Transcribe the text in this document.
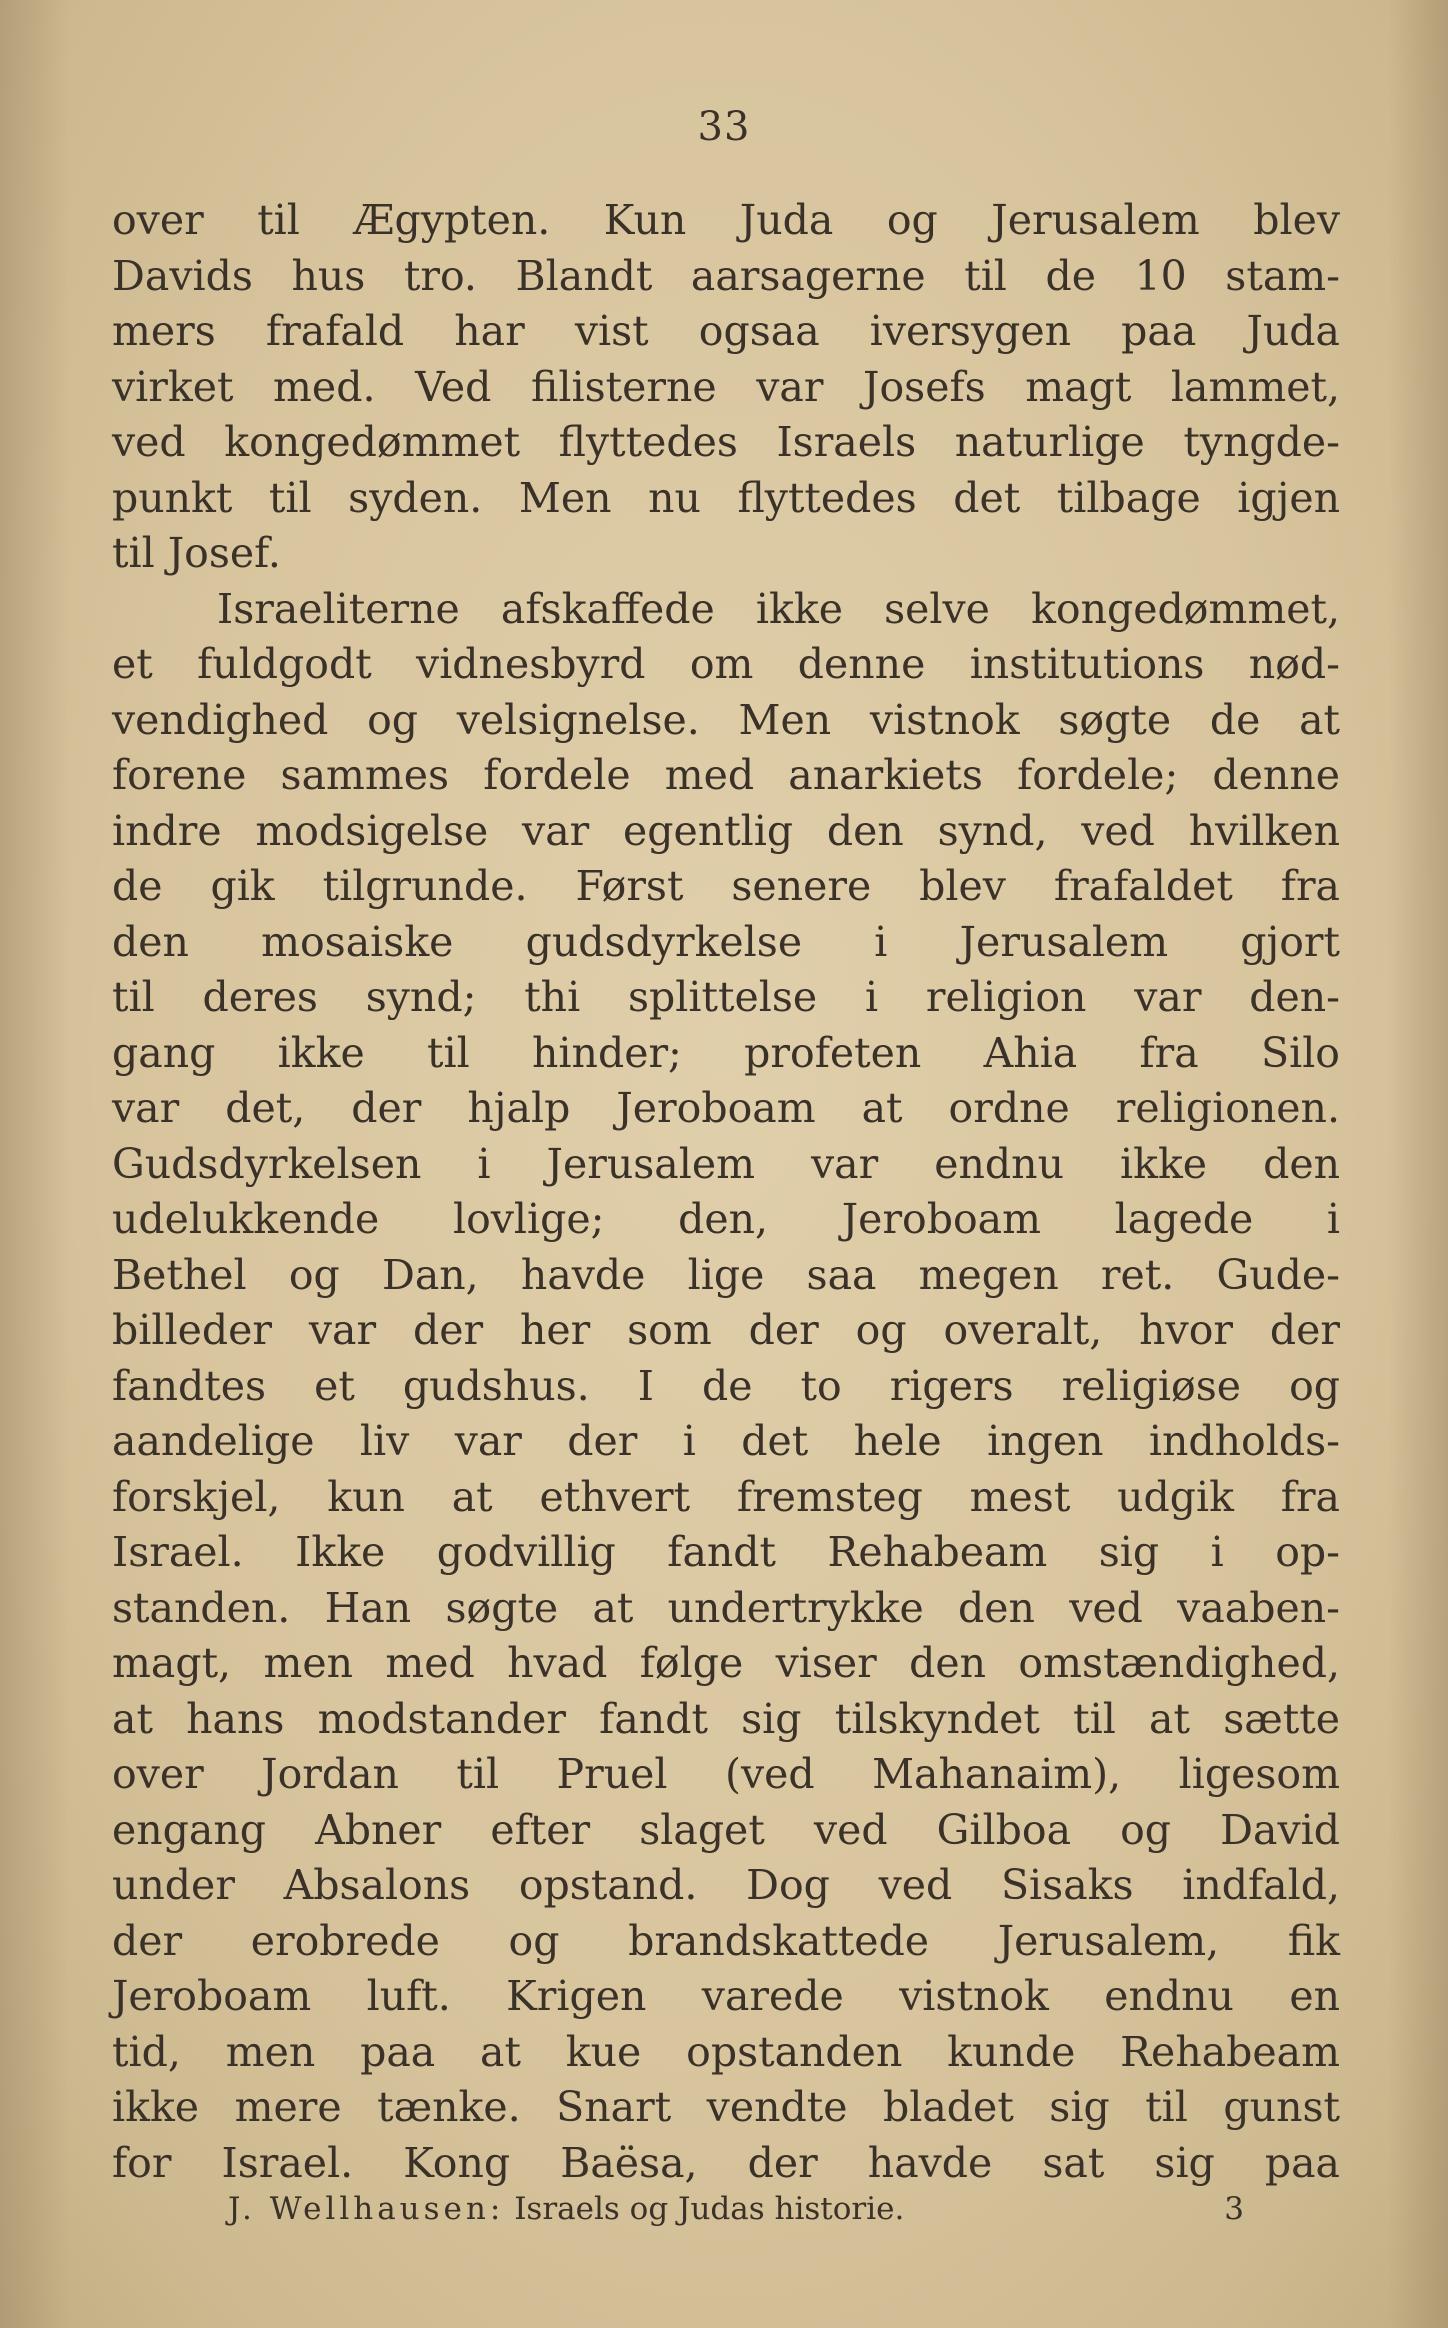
33
over til Ægypten. Kun Juda og Jerusalem blev
Davids hus tro. Blandt aarsagerne til de 10 stam-
mers frafald har vist ogsaa iversygen paa Juda
virket med. Ved filisterne var Josefs magt lammet,
ved kongedømmet flyttedes Israels naturlige tyngde-
punkt til syden. Men nu flyttedes det tilbage igjen
til Josef.
Israeliterne afskaffede ikke selve kongedømmet,
et fuldgodt vidnesbyrd om denne institutions nød-
vendighed og velsignelse. Men vistnok søgte de at
forene sammes fordele med anarkiets fordele; denne
indre modsigelse var egentlig den synd, ved hvilken
de gik tilgrunde. Først senere blev frafaldet fra
den mosaiske gudsdyrkelse i Jerusalem gjort
til deres synd; thi splittelse i religion var den-
gang ikke til hinder; profeten Ahia fra Silo
var det, der hjalp Jeroboam at ordne religionen.
Gudsdyrkelsen i Jerusalem var endnu ikke den
udelukkende lovlige; den, Jeroboam lagede i
Bethel og Dan, havde lige saa megen ret. Gude-
billeder var der her som der og overalt, hvor der
fandtes et gudshus. I de to rigers religiøse og
aandelige liv var der i det hele ingen indholds-
forskjel, kun at ethvert fremsteg mest udgik fra
Israel. Ikke godvillig fandt Rehabeam sig i op-
standen. Han søgte at undertrykke den ved vaaben-
magt, men med hvad følge viser den omstændighed,
at hans modstander fandt sig tilskyndet til at sætte
over Jordan til Pruel (ved Mahanaim), ligesom
engang Abner efter slaget ved Gilboa og David
under Absalons opstand. Dog ved Sisaks indfald,
der erobrede og brandskattede Jerusalem, fik
Jeroboam luft. Krigen varede vistnok endnu en
tid, men paa at kue opstanden kunde Rehabeam
ikke mere tænke. Snart vendte bladet sig til gunst
for Israel. Kong Baësa, der havde sat sig paa
J. Wellhausen: Israels og Judas historie.	3
